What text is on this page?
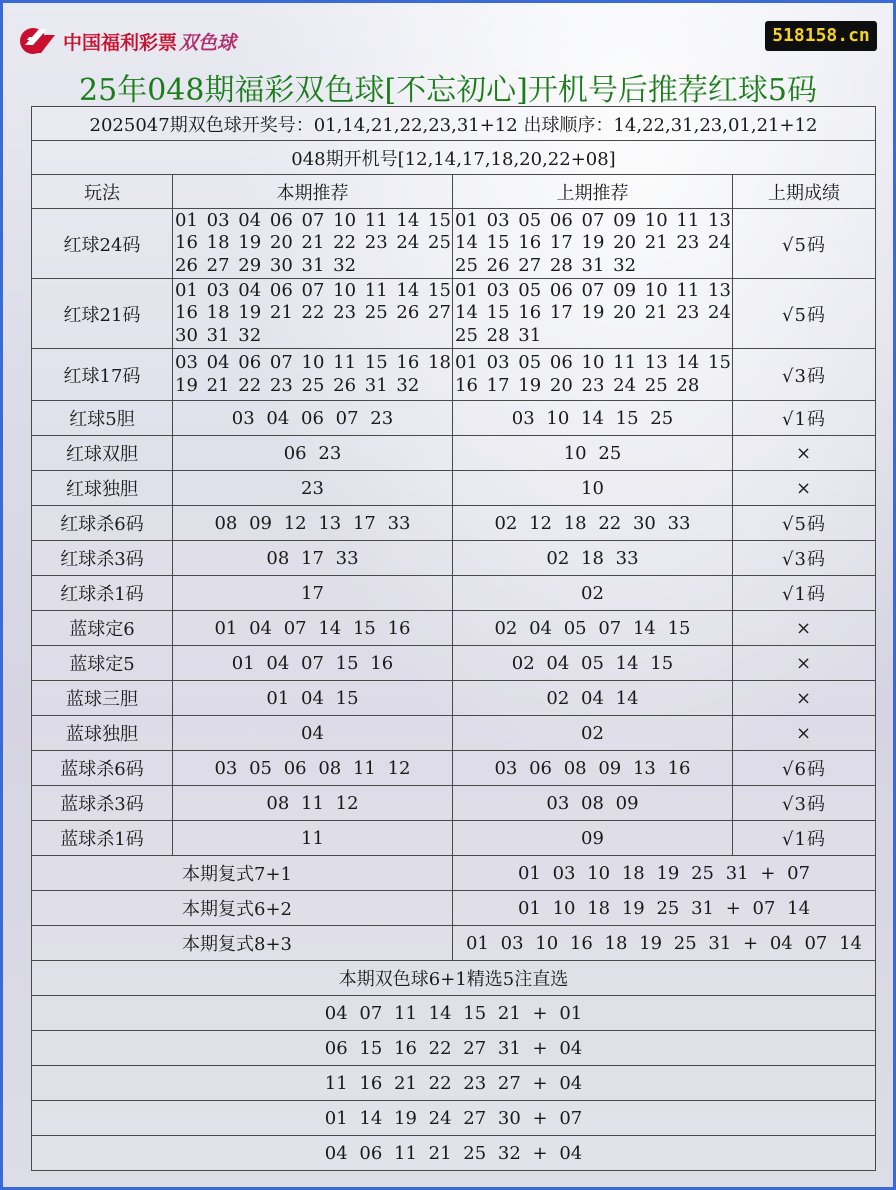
中国福利彩票 双色球	518158.cn
25年048期福彩双色球[不忘初心]开机号后推荐红球5码
2025047期双色球开奖号：01,14,21,22,23,31+12 出球顺序：14,22,31,23,01,21+12			
048期开机号[12,14,17,18,20,22+08]			
玩法	本期推荐	上期推荐	上期成绩
红球24码	01 03 04 06 07 10 11 14 15 16 18 19 20 21 22 23 24 25 26 27 29 30 31 32	01 03 05 06 07 09 10 11 13 14 15 16 17 19 20 21 23 24 25 26 27 28 31 32	√5码
红球21码	01 03 04 06 07 10 11 14 15 16 18 19 21 22 23 25 26 27 30 31 32	01 03 05 06 07 09 10 11 13 14 15 16 17 19 20 21 23 24 25 28 31	√5码
红球17码	03 04 06 07 10 11 15 16 18 19 21 22 23 25 26 31 32	01 03 05 06 10 11 13 14 15 16 17 19 20 23 24 25 28	√3码
红球5胆	03 04 06 07 23	03 10 14 15 25	√1码
红球双胆	06 23	10 25	×
红球独胆	23	10	×
红球杀6码	08 09 12 13 17 33	02 12 18 22 30 33	√5码
红球杀3码	08 17 33	02 18 33	√3码
红球杀1码	17	02	√1码
蓝球定6	01 04 07 14 15 16	02 04 05 07 14 15	×
蓝球定5	01 04 07 15 16	02 04 05 14 15	×
蓝球三胆	01 04 15	02 04 14	×
蓝球独胆	04	02	×
蓝球杀6码	03 05 06 08 11 12	03 06 08 09 13 16	√6码
蓝球杀3码	08 11 12	03 08 09	√3码
蓝球杀1码	11	09	√1码
本期复式7+1		01 03 10 18 19 25 31 + 07	
本期复式6+2		01 10 18 19 25 31 + 07 14	
本期复式8+3		01 03 10 16 18 19 25 31 + 04 07 14	
本期双色球6+1精选5注直选			
04 07 11 14 15 21 + 01			
06 15 16 22 27 31 + 04			
11 16 21 22 23 27 + 04			
01 14 19 24 27 30 + 07			
04 06 11 21 25 32 + 04			
